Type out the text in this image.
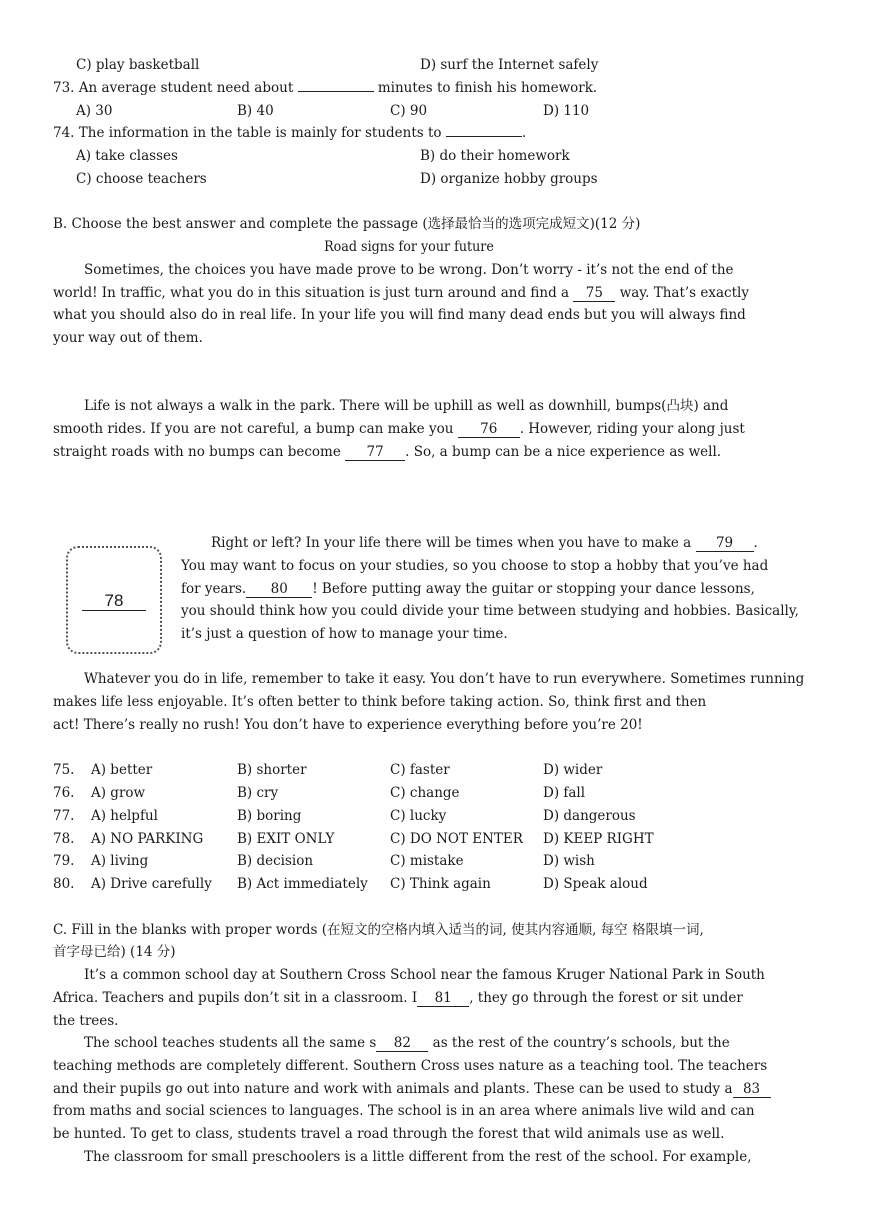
C) play basketball	D) surf the Internet safely
73. An average student need about	minutes to finish his homework.
A) 30	B) 40	C) 90	D) 110
74. The information in the table is mainly for students to	.
A) take classes	B) do their homework
C) choose teachers	D) organize hobby groups
B. Choose the best answer and complete the passage (选择最恰当的选项完成短文)(12 分)
Road signs for your future
Sometimes, the choices you have made prove to be wrong. Don’t worry - it’s not the end of the
world! In traffic, what you do in this situation is just turn around and find a 75 way. That’s exactly
what you should also do in real life. In your life you will find many dead ends but you will always find
your way out of them.
Life is not always a walk in the park. There will be uphill as well as downhill, bumps(凸块) and
smooth rides. If you are not careful, a bump can make you 76 . However, riding your along just
straight roads with no bumps can become 77 . So, a bump can be a nice experience as well.
78
Right or left? In your life there will be times when you have to make a 79 .
You may want to focus on your studies, so you choose to stop a hobby that you’ve had
for years. 80 ! Before putting away the guitar or stopping your dance lessons,
you should think how you could divide your time between studying and hobbies. Basically,
it’s just a question of how to manage your time.
Whatever you do in life, remember to take it easy. You don’t have to run everywhere. Sometimes running
makes life less enjoyable. It’s often better to think before taking action. So, think first and then
act! There’s really no rush! You don’t have to experience everything before you’re 20!
75. A) better	B) shorter	C) faster	D) wider
76. A) grow	B) cry	C) change	D) fall
77. A) helpful	B) boring	C) lucky	D) dangerous
78. A) NO PARKING B) EXIT ONLY	C) DO NOT ENTER D) KEEP RIGHT
79. A) living	B) decision	C) mistake	D) wish
80. A) Drive carefully B) Act immediately C) Think again	D) Speak aloud
C. Fill in the blanks with proper words (在短文的空格内填入适当的词, 使其内容通顺, 每空 格限填一词,
首字母已给) (14 分)
It’s a common school day at Southern Cross School near the famous Kruger National Park in South
Africa. Teachers and pupils don’t sit in a classroom. I 81 , they go through the forest or sit under
the trees.
The school teaches students all the same s 82 as the rest of the country’s schools, but the
teaching methods are completely different. Southern Cross uses nature as a teaching tool. The teachers
and their pupils go out into nature and work with animals and plants. These can be used to study a 83
from maths and social sciences to languages. The school is in an area where animals live wild and can
be hunted. To get to class, students travel a road through the forest that wild animals use as well.
The classroom for small preschoolers is a little different from the rest of the school. For example,
